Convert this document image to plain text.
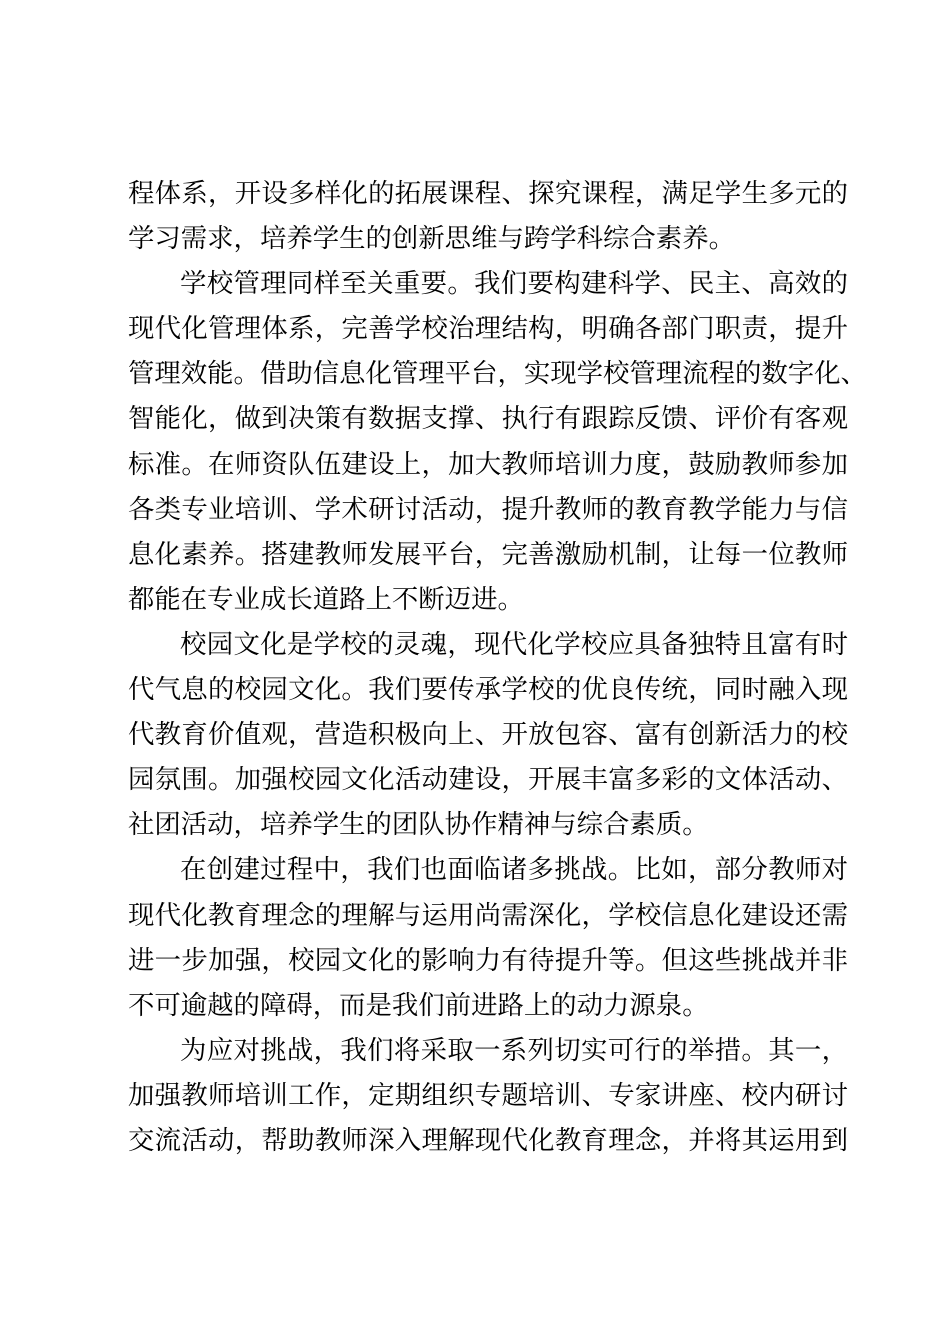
程体系，开设多样化的拓展课程、探究课程，满足学生多元的
学习需求，培养学生的创新思维与跨学科综合素养。
学校管理同样至关重要。我们要构建科学、民主、高效的
现代化管理体系，完善学校治理结构，明确各部门职责，提升
管理效能。借助信息化管理平台，实现学校管理流程的数字化、
智能化，做到决策有数据支撑、执行有跟踪反馈、评价有客观
标准。在师资队伍建设上，加大教师培训力度，鼓励教师参加
各类专业培训、学术研讨活动，提升教师的教育教学能力与信
息化素养。搭建教师发展平台，完善激励机制，让每一位教师
都能在专业成长道路上不断迈进。
校园文化是学校的灵魂，现代化学校应具备独特且富有时
代气息的校园文化。我们要传承学校的优良传统，同时融入现
代教育价值观，营造积极向上、开放包容、富有创新活力的校
园氛围。加强校园文化活动建设，开展丰富多彩的文体活动、
社团活动，培养学生的团队协作精神与综合素质。
在创建过程中，我们也面临诸多挑战。比如，部分教师对
现代化教育理念的理解与运用尚需深化，学校信息化建设还需
进一步加强，校园文化的影响力有待提升等。但这些挑战并非
不可逾越的障碍，而是我们前进路上的动力源泉。
为应对挑战，我们将采取一系列切实可行的举措。其一，
加强教师培训工作，定期组织专题培训、专家讲座、校内研讨
交流活动，帮助教师深入理解现代化教育理念，并将其运用到
